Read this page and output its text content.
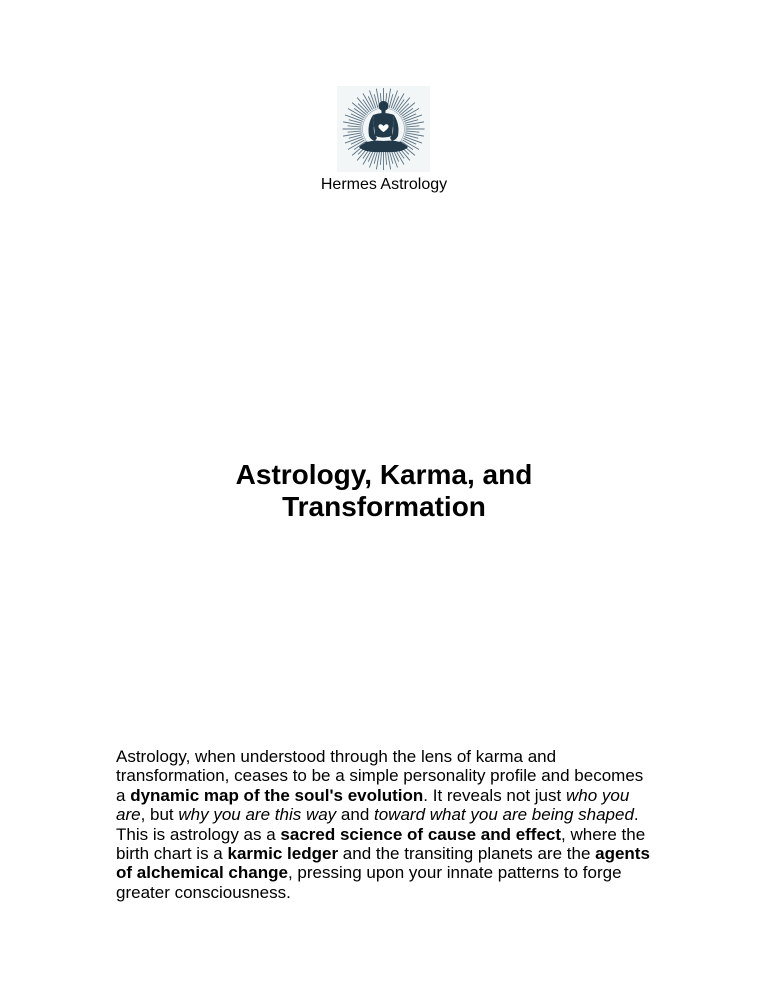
Hermes Astrology
Astrology, Karma, and
Transformation

Astrology, when understood through the lens of karma and transformation, ceases to be a simple personality profile and becomes a dynamic map of the soul's evolution. It reveals not just who you are, but why you are this way and toward what you are being shaped. This is astrology as a sacred science of cause and effect, where the birth chart is a karmic ledger and the transiting planets are the agents of alchemical change, pressing upon your innate patterns to forge greater consciousness.
